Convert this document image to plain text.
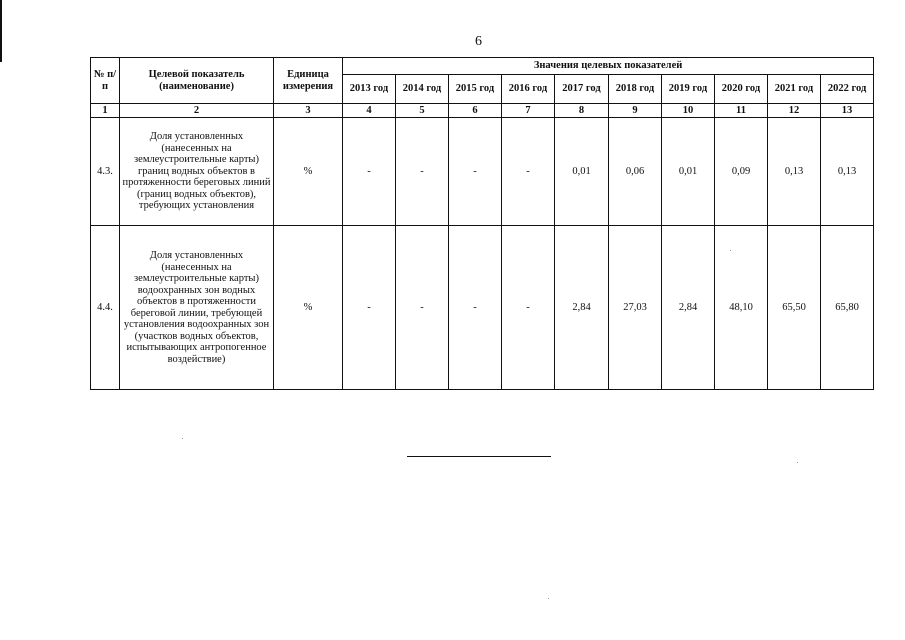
6
№ п/п	Целевой показатель (наименование)	Единица измерения	Значения целевых показателей									
			2013 год	2014 год	2015 год	2016 год	2017 год	2018 год	2019 год	2020 год	2021 год	2022 год
1	2	3	4	5	6	7	8	9	10	11	12	13
4.3.	Доля установленных (нанесенных на землеустроительные карты) границ водных объектов в протяженности береговых линий (границ водных объектов), требующих установления	%	-	-	-	-	0,01	0,06	0,01	0,09	0,13	0,13
4.4.	Доля установленных (нанесенных на землеустроительные карты) водоохранных зон водных объектов в протяженности береговой линии, требующей установления водоохранных зон (участков водных объектов, испытывающих антропогенное воздействие)	%	-	-	-	-	2,84	27,03	2,84	48,10	65,50	65,80
